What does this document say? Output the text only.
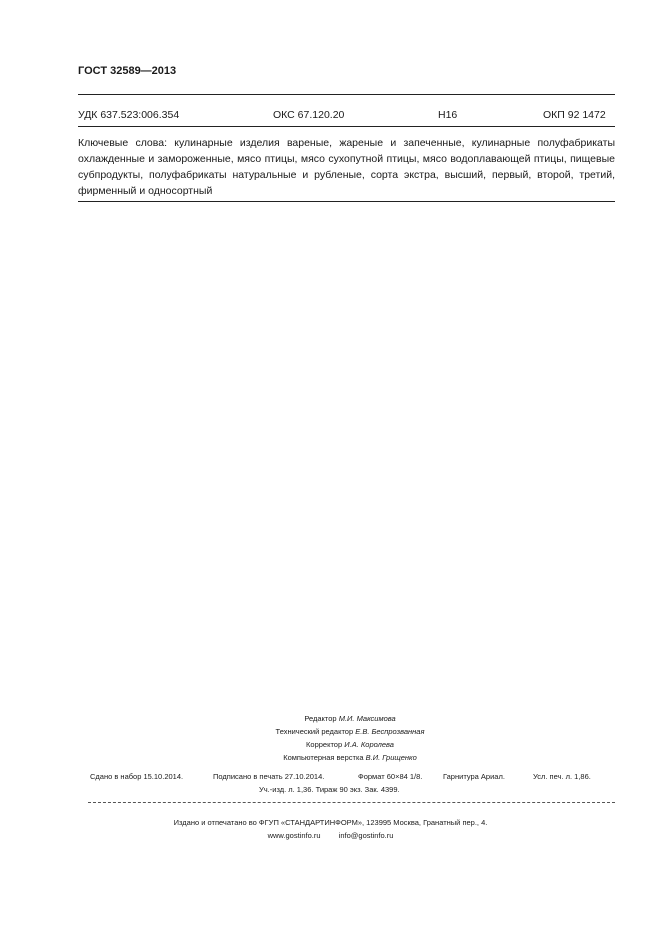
ГОСТ 32589—2013
УДК 637.523:006.354	ОКС 67.120.20	Н16	ОКП 92 1472
Ключевые слова: кулинарные изделия вареные, жареные и запеченные, кулинарные полуфабрикаты охлажденные и замороженные, мясо птицы, мясо сухопутной птицы, мясо водоплавающей птицы, пищевые субпродукты, полуфабрикаты натуральные и рубленые, сорта экстра, высший, первый, второй, третий, фирменный и односортный
Редактор М.И. Максимова
Технический редактор Е.В. Беспрозванная
Корректор И.А. Королева
Компьютерная верстка В.И. Грищенко
Сдано в набор 15.10.2014.	Подписано в печать 27.10.2014.	Формат 60×84 1/8.	Гарнитура Ариал.	Усл. печ. л. 1,86.
Уч.-изд. л. 1,36. Тираж 90 экз. Зак. 4399.
Издано и отпечатано во ФГУП «СТАНДАРТИНФОРМ», 123995 Москва, Гранатный пер., 4.
www.gostinfo.ru info@gostinfo.ru
